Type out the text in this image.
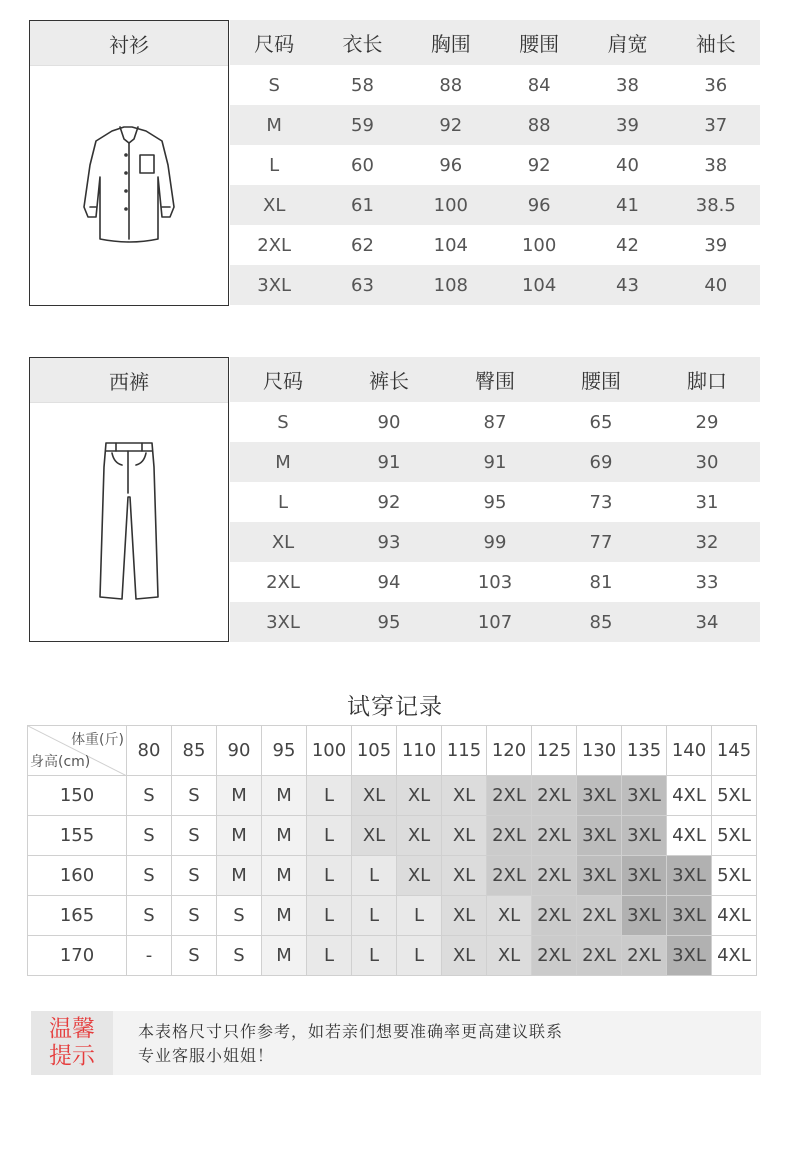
衬衫	尺码	衣长	胸围	腰围	肩宽	袖长
S	58	88	84	38	36
M	59	92	88	39	37
L	60	96	92	40	38
XL	61	100	96	41	38.5
2XL	62	104	100	42	39
3XL	63	108	104	43	40
西裤	尺码	裤长	臀围	腰围	脚口
S	90	87	65	29
M	91	91	69	30
L	92	95	73	31
XL	93	99	77	32
2XL	94	103	81	33
3XL	95	107	85	34
试穿记录
体重(斤)
身高(cm)	80	85	90	95	100	105	110	115	120	125	130	135	140	145
150	S	S	M	M	L	XL	XL	XL	2XL	2XL	3XL	3XL	4XL	5XL
155	S	S	M	M	L	XL	XL	XL	2XL	2XL	3XL	3XL	4XL	5XL
160	S	S	M	M	L	L	XL	XL	2XL	2XL	3XL	3XL	3XL	5XL
165	S	S	S	M	L	L	L	XL	XL	2XL	2XL	3XL	3XL	4XL
170	-	S	S	M	L	L	L	XL	XL	2XL	2XL	2XL	3XL	4XL
温馨提示
本表格尺寸只作参考，如若亲们想要准确率更高建议联系
专业客服小姐姐！
